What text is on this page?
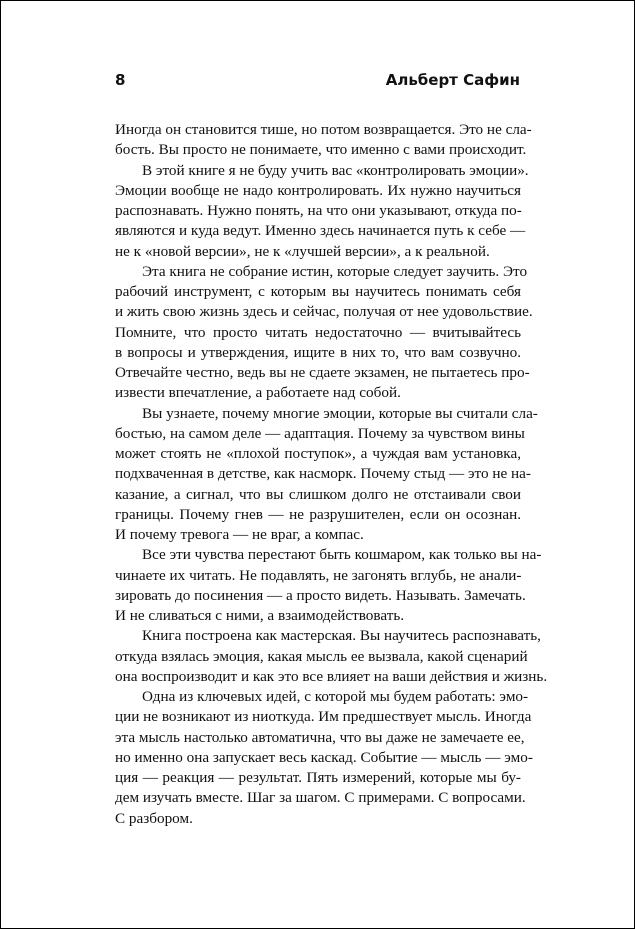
8	Альберт Сафин
Иногда он становится тише, но потом возвращается. Это не сла-
бость. Вы просто не понимаете, что именно с вами происходит.
В этой книге я не буду учить вас «контролировать эмоции».
Эмоции вообще не надо контролировать. Их нужно научиться
распознавать. Нужно понять, на что они указывают, откуда по-
являются и куда ведут. Именно здесь начинается путь к себе —
не к «новой версии», не к «лучшей версии», а к реальной.
Эта книга не собрание истин, которые следует заучить. Это
рабочий инструмент, с которым вы научитесь понимать себя
и жить свою жизнь здесь и сейчас, получая от нее удовольствие.
Помните, что просто читать недостаточно — вчитывайтесь
в вопросы и утверждения, ищите в них то, что вам созвучно.
Отвечайте честно, ведь вы не сдаете экзамен, не пытаетесь про-
извести впечатление, а работаете над собой.
Вы узнаете, почему многие эмоции, которые вы считали сла-
бостью, на самом деле — адаптация. Почему за чувством вины
может стоять не «плохой поступок», а чуждая вам установка,
подхваченная в детстве, как насморк. Почему стыд — это не на-
казание, а сигнал, что вы слишком долго не отстаивали свои
границы. Почему гнев — не разрушителен, если он осознан.
И почему тревога — не враг, а компас.
Все эти чувства перестают быть кошмаром, как только вы на-
чинаете их читать. Не подавлять, не загонять вглубь, не анали-
зировать до посинения — а просто видеть. Называть. Замечать.
И не сливаться с ними, а взаимодействовать.
Книга построена как мастерская. Вы научитесь распознавать,
откуда взялась эмоция, какая мысль ее вызвала, какой сценарий
она воспроизводит и как это все влияет на ваши действия и жизнь.
Одна из ключевых идей, с которой мы будем работать: эмо-
ции не возникают из ниоткуда. Им предшествует мысль. Иногда
эта мысль настолько автоматична, что вы даже не замечаете ее,
но именно она запускает весь каскад. Событие — мысль — эмо-
ция — реакция — результат. Пять измерений, которые мы бу-
дем изучать вместе. Шаг за шагом. С примерами. С вопросами.
С разбором.
